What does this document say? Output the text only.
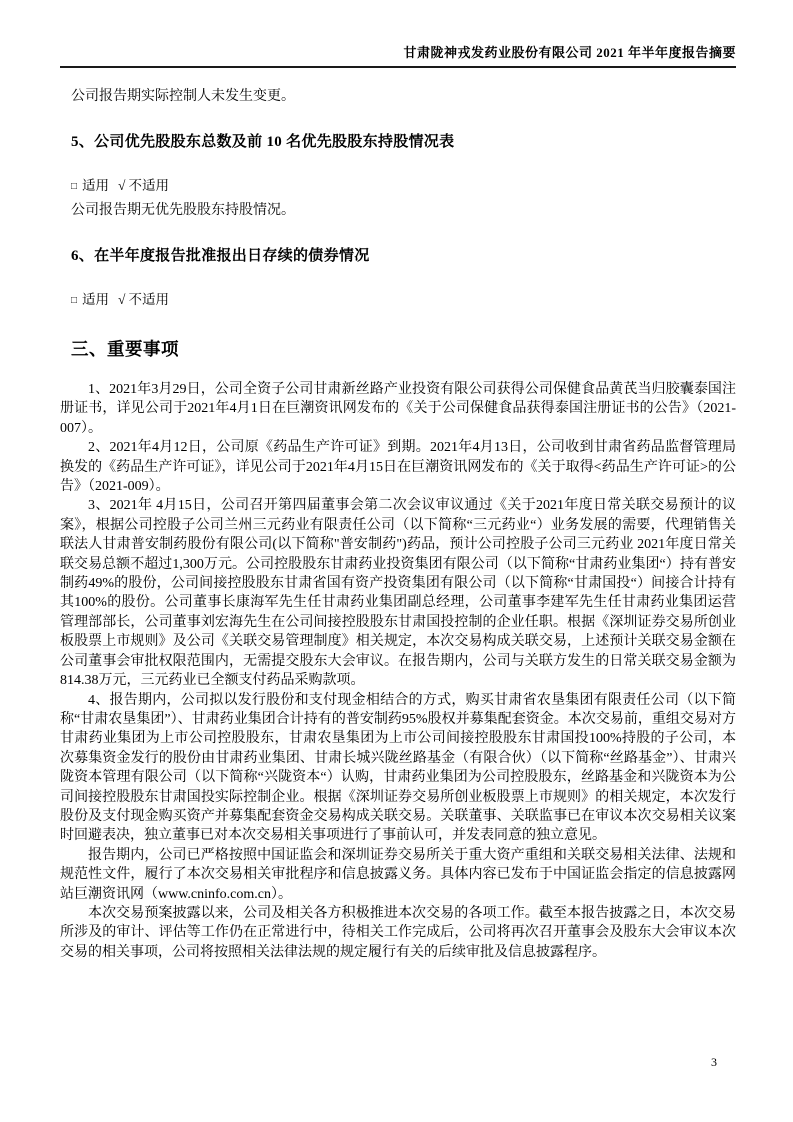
甘肃陇神戎发药业股份有限公司 2021 年半年度报告摘要

公司报告期实际控制人未发生变更。

5、公司优先股股东总数及前 10 名优先股股东持股情况表

□ 适用 √ 不适用

公司报告期无优先股股东持股情况。

6、在半年度报告批准报出日存续的债券情况

□ 适用 √ 不适用

三、重要事项

1、2021年3月29日，公司全资子公司甘肃新丝路产业投资有限公司获得公司保健食品黄芪当归胶囊泰国注册证书，详见公司于2021年4月1日在巨潮资讯网发布的《关于公司保健食品获得泰国注册证书的公告》（2021-007）。

2、2021年4月12日，公司原《药品生产许可证》到期。2021年4月13日，公司收到甘肃省药品监督管理局换发的《药品生产许可证》，详见公司于2021年4月15日在巨潮资讯网发布的《关于取得<药品生产许可证>的公告》（2021-009）。

3、2021年 4月15日，公司召开第四届董事会第二次会议审议通过《关于2021年度日常关联交易预计的议案》，根据公司控股子公司兰州三元药业有限责任公司（以下简称“三元药业“）业务发展的需要，代理销售关联法人甘肃普安制药股份有限公司(以下简称"普安制药")药品，预计公司控股子公司三元药业 2021年度日常关联交易总额不超过1,300万元。公司控股股东甘肃药业投资集团有限公司（以下简称“甘肃药业集团“）持有普安制药49%的股份，公司间接控股股东甘肃省国有资产投资集团有限公司（以下简称“甘肃国投“）间接合计持有其100%的股份。公司董事长康海军先生任甘肃药业集团副总经理，公司董事李建军先生任甘肃药业集团运营管理部部长，公司董事刘宏海先生在公司间接控股股东甘肃国投控制的企业任职。根据《深圳证券交易所创业板股票上市规则》及公司《关联交易管理制度》相关规定，本次交易构成关联交易，上述预计关联交易金额在公司董事会审批权限范围内，无需提交股东大会审议。在报告期内，公司与关联方发生的日常关联交易金额为814.38万元，三元药业已全额支付药品采购款项。

4、报告期内，公司拟以发行股份和支付现金相结合的方式，购买甘肃省农垦集团有限责任公司（以下简称“甘肃农垦集团”）、甘肃药业集团合计持有的普安制药95%股权并募集配套资金。本次交易前，重组交易对方甘肃药业集团为上市公司控股股东，甘肃农垦集团为上市公司间接控股股东甘肃国投100%持股的子公司，本次募集资金发行的股份由甘肃药业集团、甘肃长城兴陇丝路基金（有限合伙）（以下简称“丝路基金”）、甘肃兴陇资本管理有限公司（以下简称“兴陇资本“）认购，甘肃药业集团为公司控股股东，丝路基金和兴陇资本为公司间接控股股东甘肃国投实际控制企业。根据《深圳证券交易所创业板股票上市规则》的相关规定，本次发行股份及支付现金购买资产并募集配套资金交易构成关联交易。关联董事、关联监事已在审议本次交易相关议案时回避表决，独立董事已对本次交易相关事项进行了事前认可，并发表同意的独立意见。

报告期内，公司已严格按照中国证监会和深圳证券交易所关于重大资产重组和关联交易相关法律、法规和规范性文件，履行了本次交易相关审批程序和信息披露义务。具体内容已发布于中国证监会指定的信息披露网站巨潮资讯网（www.cninfo.com.cn）。

本次交易预案披露以来，公司及相关各方积极推进本次交易的各项工作。截至本报告披露之日，本次交易所涉及的审计、评估等工作仍在正常进行中，待相关工作完成后，公司将再次召开董事会及股东大会审议本次交易的相关事项，公司将按照相关法律法规的规定履行有关的后续审批及信息披露程序。

3
